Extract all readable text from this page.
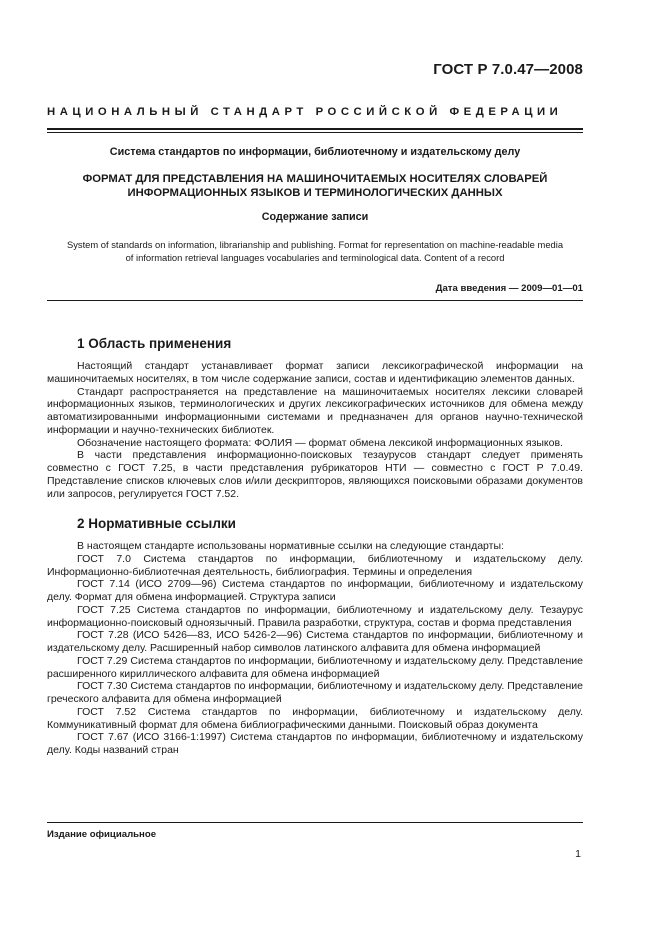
ГОСТ Р 7.0.47—2008
НАЦИОНАЛЬНЫЙ СТАНДАРТ РОССИЙСКОЙ ФЕДЕРАЦИИ
Система стандартов по информации, библиотечному и издательскому делу
ФОРМАТ ДЛЯ ПРЕДСТАВЛЕНИЯ НА МАШИНОЧИТАЕМЫХ НОСИТЕЛЯХ СЛОВАРЕЙ
ИНФОРМАЦИОННЫХ ЯЗЫКОВ И ТЕРМИНОЛОГИЧЕСКИХ ДАННЫХ
Содержание записи
System of standards on information, librarianship and publishing. Format for representation on machine-readable media
of information retrieval languages vocabularies and terminological data. Content of a record
Дата введения — 2009—01—01
1 Область применения

Настоящий стандарт устанавливает формат записи лексикографической информации на машиночитаемых носителях, в том числе содержание записи, состав и идентификацию элементов данных.

Стандарт распространяется на представление на машиночитаемых носителях лексики словарей информационных языков, терминологических и других лексикографических источников для обмена между автоматизированными информационными системами и предназначен для органов научно-технической информации и научно-технических библиотек.

Обозначение настоящего формата: ФОЛИЯ — формат обмена лексикой информационных языков.

В части представления информационно-поисковых тезаурусов стандарт следует применять совместно с ГОСТ 7.25, в части представления рубрикаторов НТИ — совместно с ГОСТ Р 7.0.49. Представление списков ключевых слов и/или дескрипторов, являющихся поисковыми образами документов или запросов, регулируется ГОСТ 7.52.

2 Нормативные ссылки

В настоящем стандарте использованы нормативные ссылки на следующие стандарты:

ГОСТ 7.0 Система стандартов по информации, библиотечному и издательскому делу. Информационно-библиотечная деятельность, библиография. Термины и определения

ГОСТ 7.14 (ИСО 2709—96) Система стандартов по информации, библиотечному и издательскому делу. Формат для обмена информацией. Структура записи

ГОСТ 7.25 Система стандартов по информации, библиотечному и издательскому делу. Тезаурус информационно-поисковый одноязычный. Правила разработки, структура, состав и форма представления

ГОСТ 7.28 (ИСО 5426—83, ИСО 5426-2—96) Система стандартов по информации, библиотечному и издательскому делу. Расширенный набор символов латинского алфавита для обмена информацией

ГОСТ 7.29 Система стандартов по информации, библиотечному и издательскому делу. Представление расширенного кириллического алфавита для обмена информацией

ГОСТ 7.30 Система стандартов по информации, библиотечному и издательскому делу. Представление греческого алфавита для обмена информацией

ГОСТ 7.52 Система стандартов по информации, библиотечному и издательскому делу. Коммуникативный формат для обмена библиографическими данными. Поисковый образ документа

ГОСТ 7.67 (ИСО 3166-1:1997) Система стандартов по информации, библиотечному и издательскому делу. Коды названий стран

Издание официальное
1
